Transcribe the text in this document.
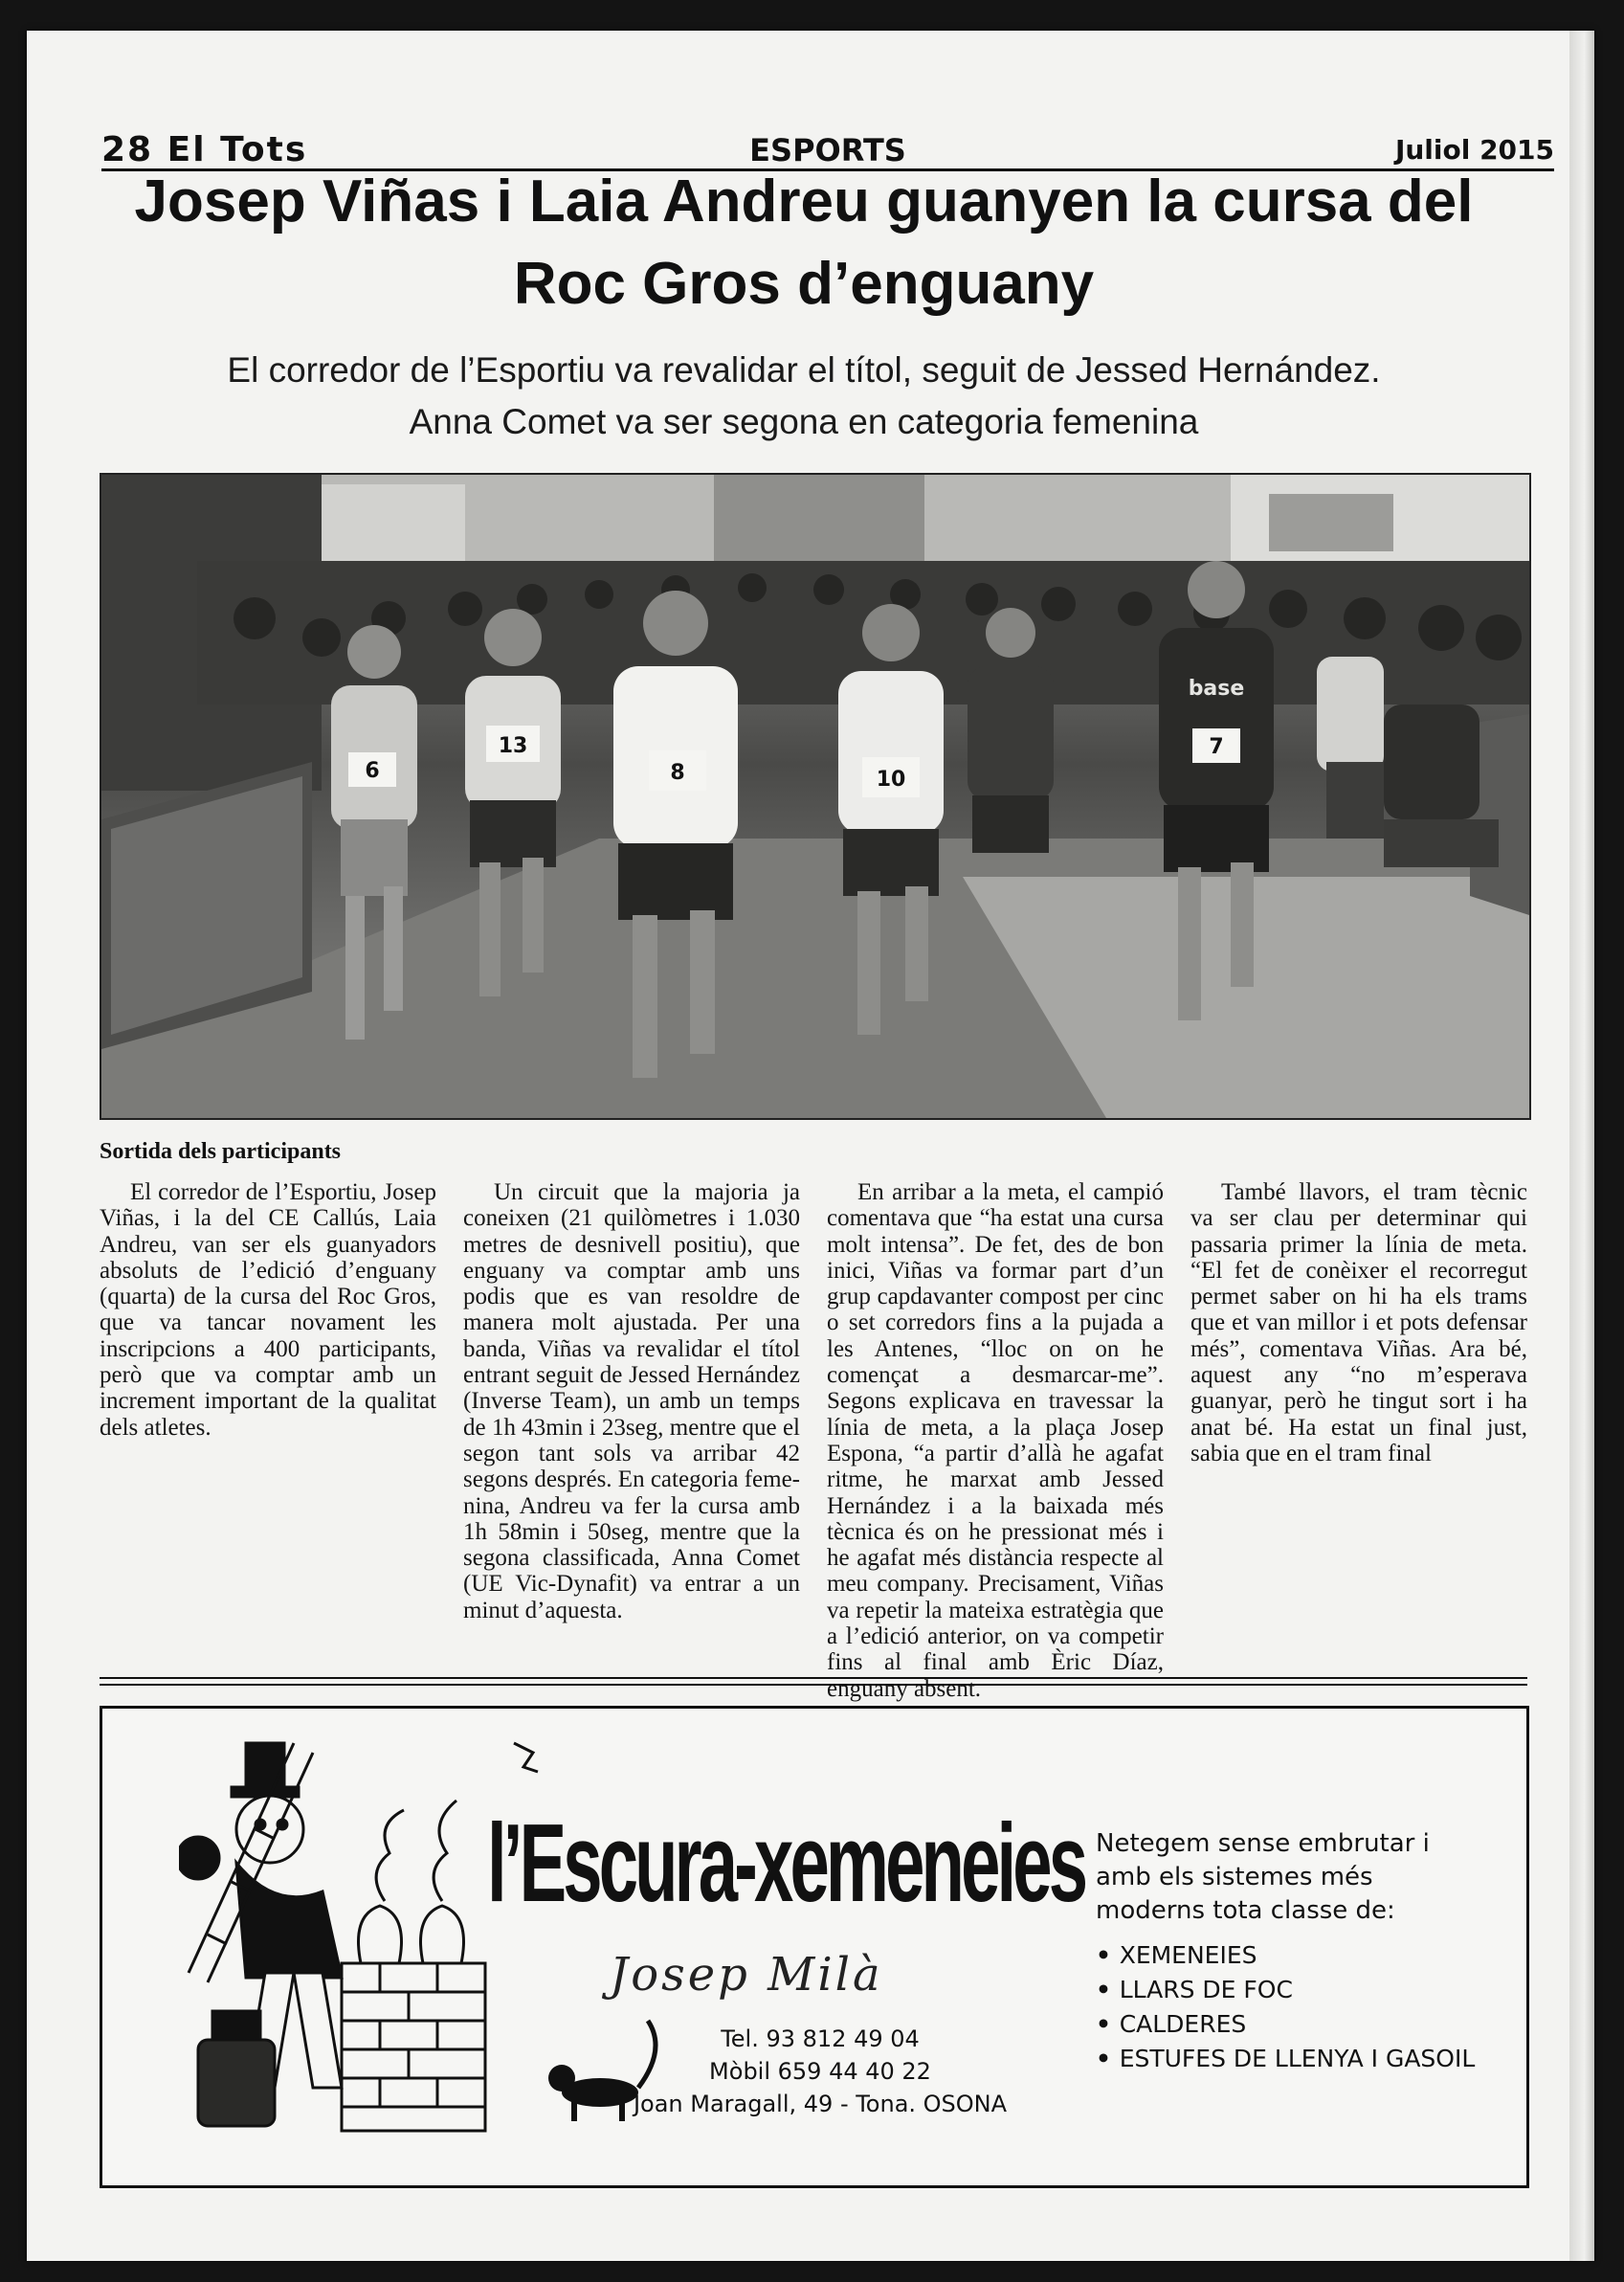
28 El Tots	ESPORTS	Juliol 2015
Josep Viñas i Laia Andreu guanyen la cursa del Roc Gros d’enguany

El corredor de l’Esportiu va revalidar el títol, seguit de Jessed Hernández.
Anna Comet va ser segona en categoria femenina

6
13
8	10
7
base
Sortida dels participants

El corredor de l’Esportiu, Josep Viñas, i la del CE Callús, Laia Andreu, van ser els guanyadors absoluts de l’edició d’enguany (quarta) de la cursa del Roc Gros, que va tancar novament les inscripcions a 400 participants, però que va comptar amb un increment important de la qualitat dels atletes.

Un circuit que la majoria ja coneixen (21 quilòmetres i 1.030 metres de desnivell positiu), que enguany va comptar amb uns podis que es van resoldre de manera molt ajustada. Per una banda, Viñas va revalidar el títol entrant seguit de Jessed Hernández (Inverse Team), un amb un temps de 1h 43min i 23seg, mentre que el segon tant sols va arribar 42 segons després. En categoria femenina, Andreu va fer la cursa amb 1h 58min i 50seg, mentre que la segona classificada, Anna Comet (UE Vic-Dynafit) va entrar a un minut d’aquesta.

En arribar a la meta, el campió comentava que “ha estat una cursa molt intensa”. De fet, des de bon inici, Viñas va formar part d’un grup capdavanter compost per cinc o set corredors fins a la pujada a les Antenes, “lloc on on he començat a desmarcar-me”. Segons explicava en travessar la línia de meta, a la plaça Josep Espona, “a partir d’allà he agafat ritme, he marxat amb Jessed Hernández i a la baixada més tècnica és on he pressionat més i he agafat més distància respecte al meu company. Precisament, Viñas va repetir la mateixa estratègia que a l’edició anterior, on va competir fins al final amb Èric Díaz, enguany absent.

També llavors, el tram tècnic va ser clau per determinar qui passaria primer la línia de meta. “El fet de conèixer el recorregut permet saber on hi ha els trams que et van millor i et pots defensar més”, comentava Viñas. Ara bé, aquest any “no m’esperava guanyar, però he tingut sort i ha anat bé. Ha estat un final just, sabia que en el tram final

l’Escura-xemeneies
Josep Milà
Tel. 93 812 49 04
Mòbil 659 44 40 22

Joan Maragall, 49 - Tona. OSONA
Netegem sense embrutar i amb els sistemes més moderns tota classe de:
• XEMENEIES
• LLARS DE FOC
• CALDERES
• ESTUFES DE LLENYA I GASOIL
